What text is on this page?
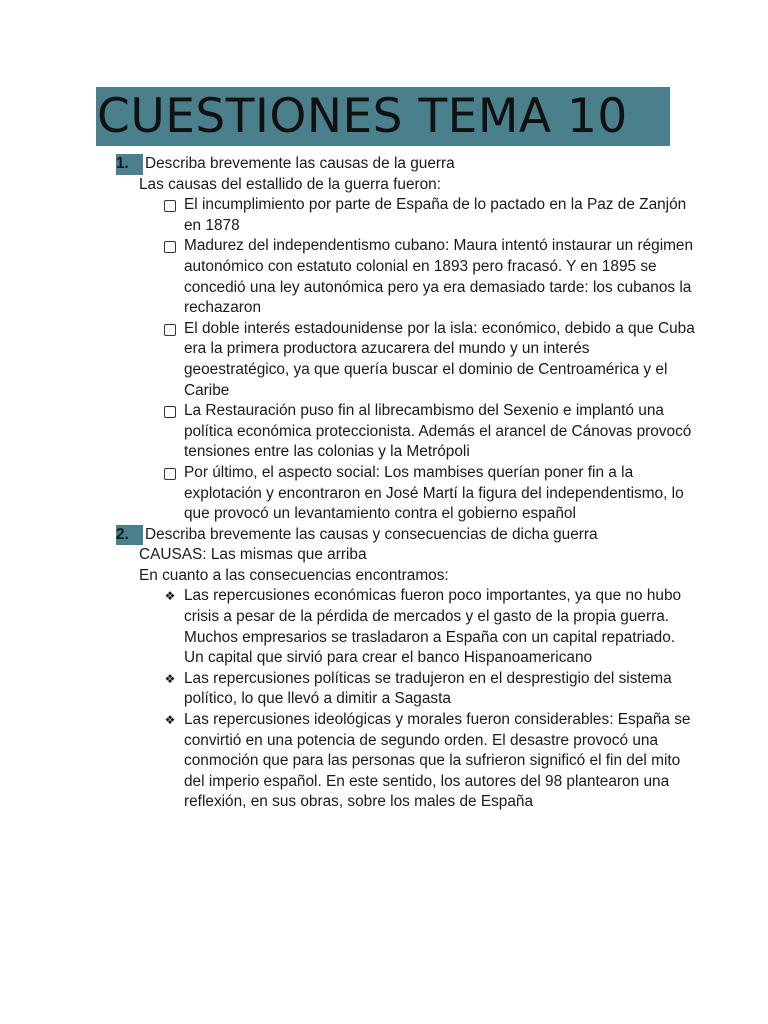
CUESTIONES TEMA 10
1.	Describa brevemente las causas de la guerra
Las causas del estallido de la guerra fueron:
El incumplimiento por parte de España de lo pactado en la Paz de Zanjón en 1878
Madurez del independentismo cubano: Maura intentó instaurar un régimen autonómico con estatuto colonial en 1893 pero fracasó. Y en 1895 se concedió una ley autonómica pero ya era demasiado tarde: los cubanos la rechazaron
El doble interés estadounidense por la isla: económico, debido a que Cuba era la primera productora azucarera del mundo y un interés geoestratégico, ya que quería buscar el dominio de Centroamérica y el Caribe
La Restauración puso fin al librecambismo del Sexenio e implantó una política económica proteccionista. Además el arancel de Cánovas provocó tensiones entre las colonias y la Metrópoli
Por último, el aspecto social: Los mambises querían poner fin a la explotación y encontraron en José Martí la figura del independentismo, lo que provocó un levantamiento contra el gobierno español
2.	Describa brevemente las causas y consecuencias de dicha guerra
CAUSAS: Las mismas que arriba
En cuanto a las consecuencias encontramos:
❖ Las repercusiones económicas fueron poco importantes, ya que no hubo crisis a pesar de la pérdida de mercados y el gasto de la propia guerra. Muchos empresarios se trasladaron a España con un capital repatriado. Un capital que sirvió para crear el banco Hispanoamericano
❖ Las repercusiones políticas se tradujeron en el desprestigio del sistema político, lo que llevó a dimitir a Sagasta
❖ Las repercusiones ideológicas y morales fueron considerables: España se convirtió en una potencia de segundo orden. El desastre provocó una conmoción que para las personas que la sufrieron significó el fin del mito del imperio español. En este sentido, los autores del 98 plantearon una reflexión, en sus obras, sobre los males de España
